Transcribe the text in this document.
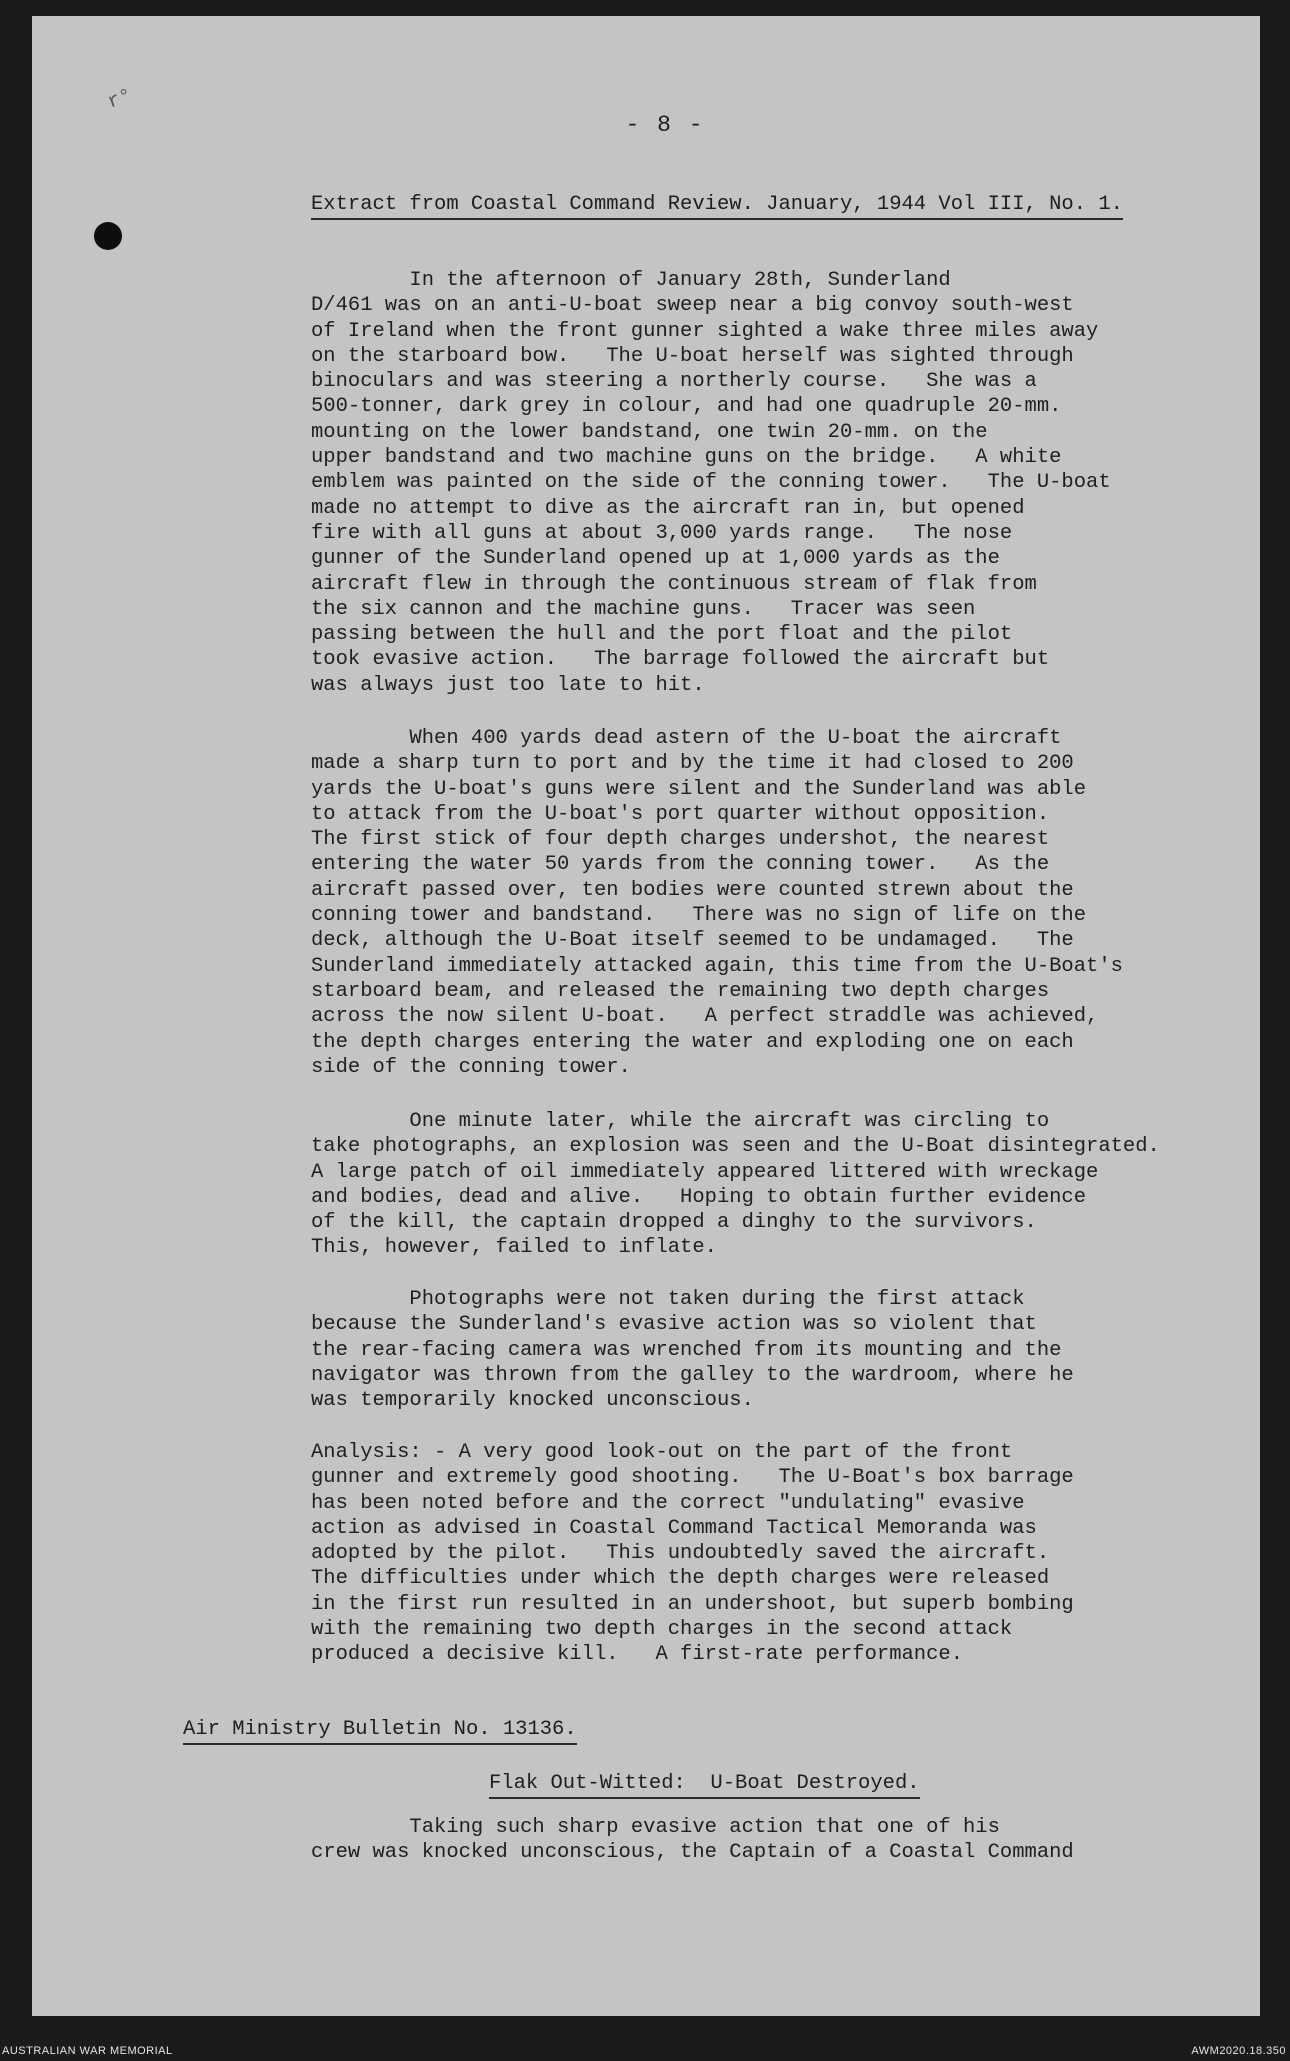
r°
- 8 -
Extract from Coastal Command Review. January, 1944 Vol III, No. 1.
In the afternoon of January 28th, Sunderland
D/461 was on an anti-U-boat sweep near a big convoy south-west
of Ireland when the front gunner sighted a wake three miles away
on the starboard bow.   The U-boat herself was sighted through
binoculars and was steering a northerly course.   She was a
500-tonner, dark grey in colour, and had one quadruple 20-mm.
mounting on the lower bandstand, one twin 20-mm. on the
upper bandstand and two machine guns on the bridge.   A white
emblem was painted on the side of the conning tower.   The U-boat
made no attempt to dive as the aircraft ran in, but opened
fire with all guns at about 3,000 yards range.   The nose
gunner of the Sunderland opened up at 1,000 yards as the
aircraft flew in through the continuous stream of flak from
the six cannon and the machine guns.   Tracer was seen
passing between the hull and the port float and the pilot
took evasive action.   The barrage followed the aircraft but
was always just too late to hit.
When 400 yards dead astern of the U-boat the aircraft
made a sharp turn to port and by the time it had closed to 200
yards the U-boat's guns were silent and the Sunderland was able
to attack from the U-boat's port quarter without opposition.
The first stick of four depth charges undershot, the nearest
entering the water 50 yards from the conning tower.   As the
aircraft passed over, ten bodies were counted strewn about the
conning tower and bandstand.   There was no sign of life on the
deck, although the U-Boat itself seemed to be undamaged.   The
Sunderland immediately attacked again, this time from the U-Boat's
starboard beam, and released the remaining two depth charges
across the now silent U-boat.   A perfect straddle was achieved,
the depth charges entering the water and exploding one on each
side of the conning tower.
One minute later, while the aircraft was circling to
take photographs, an explosion was seen and the U-Boat disintegrated.
A large patch of oil immediately appeared littered with wreckage
and bodies, dead and alive.   Hoping to obtain further evidence
of the kill, the captain dropped a dinghy to the survivors.
This, however, failed to inflate.
Photographs were not taken during the first attack
because the Sunderland's evasive action was so violent that
the rear-facing camera was wrenched from its mounting and the
navigator was thrown from the galley to the wardroom, where he
was temporarily knocked unconscious.
Analysis: - A very good look-out on the part of the front
gunner and extremely good shooting.   The U-Boat's box barrage
has been noted before and the correct "undulating" evasive
action as advised in Coastal Command Tactical Memoranda was
adopted by the pilot.   This undoubtedly saved the aircraft.
The difficulties under which the depth charges were released
in the first run resulted in an undershoot, but superb bombing
with the remaining two depth charges in the second attack
produced a decisive kill.   A first-rate performance.
Air Ministry Bulletin No. 13136.
Flak Out-Witted:  U-Boat Destroyed.
Taking such sharp evasive action that one of his
crew was knocked unconscious, the Captain of a Coastal Command
AUSTRALIAN WAR MEMORIAL	AWM2020.18.350
